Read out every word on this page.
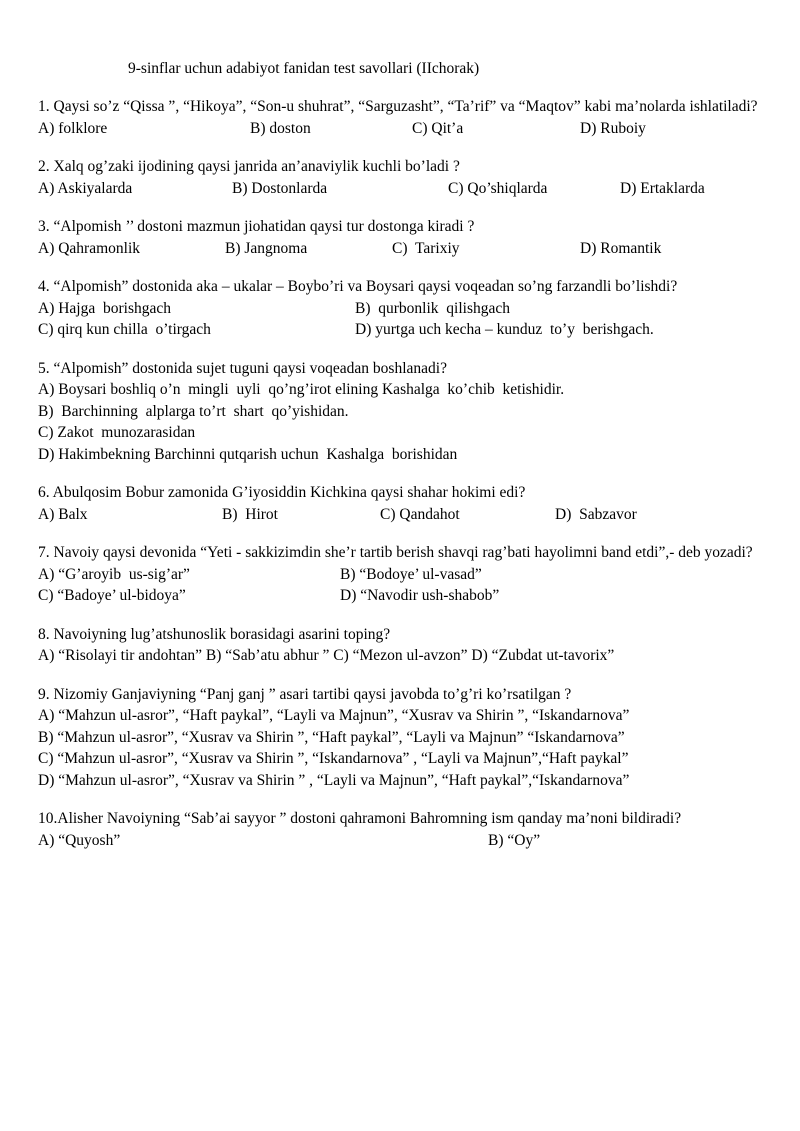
9-sinflar uchun adabiyot fanidan test savollari (IIchorak)

1. Qaysi so’z “Qissa ”, “Hikoya”, “Son-u shuhrat”, “Sarguzasht”, “Ta’rif” va “Maqtov” kabi ma’nolarda ishlatiladi?

A) folklore	B) doston	C) Qit’a	D) Ruboiy

2. Xalq og’zaki ijodining qaysi janrida an’anaviylik kuchli bo’ladi ?

A) Askiyalarda	B) Dostonlarda	C) Qo’shiqlarda	D) Ertaklarda

3. “Alpomish ’’ dostoni mazmun jiohatidan qaysi tur dostonga kiradi ?

A) Qahramonlik	B) Jangnoma	C)  Tarixiy	D) Romantik

4. “Alpomish” dostonida aka – ukalar – Boybo’ri va Boysari qaysi voqeadan so’ng farzandli bo’lishdi?

A) Hajga  borishgach	B)  qurbonlik  qilishgach
C) qirq kun chilla  o’tirgach	D) yurtga uch kecha – kunduz  to’y  berishgach.

5. “Alpomish” dostonida sujet tuguni qaysi voqeadan boshlanadi?

A) Boysari boshliq o’n  mingli  uyli  qo’ng’irot elining Kashalga  ko’chib  ketishidir.

B)  Barchinning  alplarga to’rt  shart  qo’yishidan.

C) Zakot  munozarasidan

D) Hakimbekning Barchinni qutqarish uchun  Kashalga  borishidan

6. Abulqosim Bobur zamonida G’iyosiddin Kichkina qaysi shahar hokimi edi?

A) Balx	B)  Hirot	C) Qandahot	D)  Sabzavor

7. Navoiy qaysi devonida “Yeti - sakkizimdin she’r tartib berish shavqi rag’bati hayolimni band etdi”,- deb yozadi?

A) “G’aroyib  us-sig’ar”	B) “Bodoye’ ul-vasad”
C) “Badoye’ ul-bidoya”	D) “Navodir ush-shabob”

8. Navoiyning lug’atshunoslik borasidagi asarini toping?

A) “Risolayi tir andohtan” B) “Sab’atu abhur ” C) “Mezon ul-avzon” D) “Zubdat ut-tavorix”

9. Nizomiy Ganjaviyning “Panj ganj ” asari tartibi qaysi javobda to’g’ri ko’rsatilgan ?

A) “Mahzun ul-asror”, “Haft paykal”, “Layli va Majnun”, “Xusrav va Shirin ”, “Iskandarnova”

B) “Mahzun ul-asror”, “Xusrav va Shirin ”, “Haft paykal”, “Layli va Majnun” “Iskandarnova”

C) “Mahzun ul-asror”, “Xusrav va Shirin ”, “Iskandarnova” , “Layli va Majnun”,“Haft paykal”

D) “Mahzun ul-asror”, “Xusrav va Shirin ” , “Layli va Majnun”, “Haft paykal”,“Iskandarnova”

10.Alisher Navoiyning “Sab’ai sayyor ” dostoni qahramoni Bahromning ism qanday ma’noni bildiradi?

A) “Quyosh”	B) “Oy”
